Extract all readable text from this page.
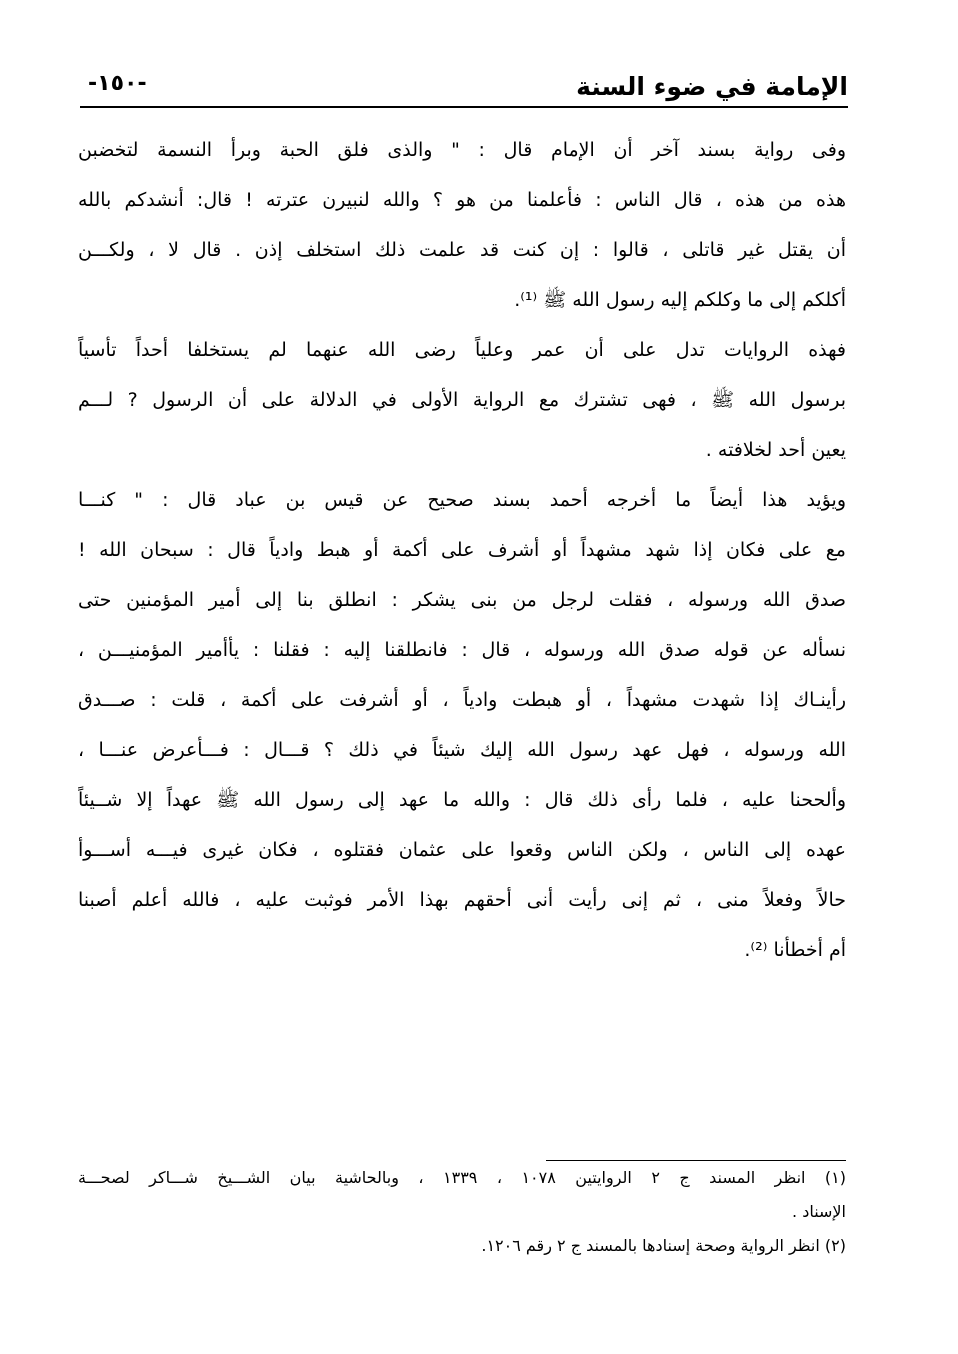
الإمامة في ضوء السنة
-١٥٠-

وفى رواية بسند آخر أن الإمام قال : " والذى فلق الحبة وبرأ النسمة لتخضبن

هذه من هذه ، قال الناس : فأعلمنا من هو ؟ والله لنبيرن عترته ! قال: أنشدكم بالله

أن يقتل غير قاتلى ، قالوا : إن كنت قد علمت ذلك استخلف إذن . قال لا ، ولكـــن

أكلكم إلى ما وكلكم إليه رسول الله ﷺ ⁽¹⁾.

فهذه الروايات تدل على أن عمر وعلياً رضى الله عنهما لم يستخلفا أحداً تأسياً

برسول الله ﷺ ، فهى تشترك مع الرواية الأولى في الدلالة على أن الرسول ? لـــم

يعين أحد لخلافته .

ويؤيد هذا أيضاً ما أخرجه أحمد بسند صحيح عن قيس بن عباد قال : " كنـــا

مع على فكان إذا شهد مشهداً أو أشرف على أكمة أو هبط وادياً قال : سبحان الله !

صدق الله ورسوله ، فقلت لرجل من بنى يشكر : انطلق بنا إلى أمير المؤمنين حتى

نسأله عن قوله صدق الله ورسوله ، قال : فانطلقنا إليه : فقلنا : يأأمير المؤمنيـــن ،

رأينـاك إذا شهدت مشهداً ، أو هبطت وادياً ، أو أشرفت على أكمة ، قلت : صـــدق

الله ورسوله ، فهل عهد رسول الله إليك شيئاً في ذلك ؟ قـــال : فـــأعرض عنـــا ،

وألححنا عليه ، فلما رأى ذلك قال : والله ما عهد إلى رسول الله ﷺ عهداً إلا شــيئاً

عهده إلى الناس ، ولكن الناس وقعوا على عثمان فقتلوه ، فكان غيرى فيـــه أســـوأ

حالاً وفعلاً منى ، ثم إنى رأيت أنى أحقهم بهذا الأمر فوثبت عليه ، فالله أعلم أصبنا

أم أخطأنا ⁽²⁾.

(١) انظر المسند ج ٢ الروايتين ١٠٧٨ ، ١٣٣٩ ، وبالحاشية بيان الشـــيخ شـــاكر لصحـــة

الإسناد .

(٢) انظر الرواية وصحة إسنادها بالمسند ج ٢ رقم ١٢٠٦.
